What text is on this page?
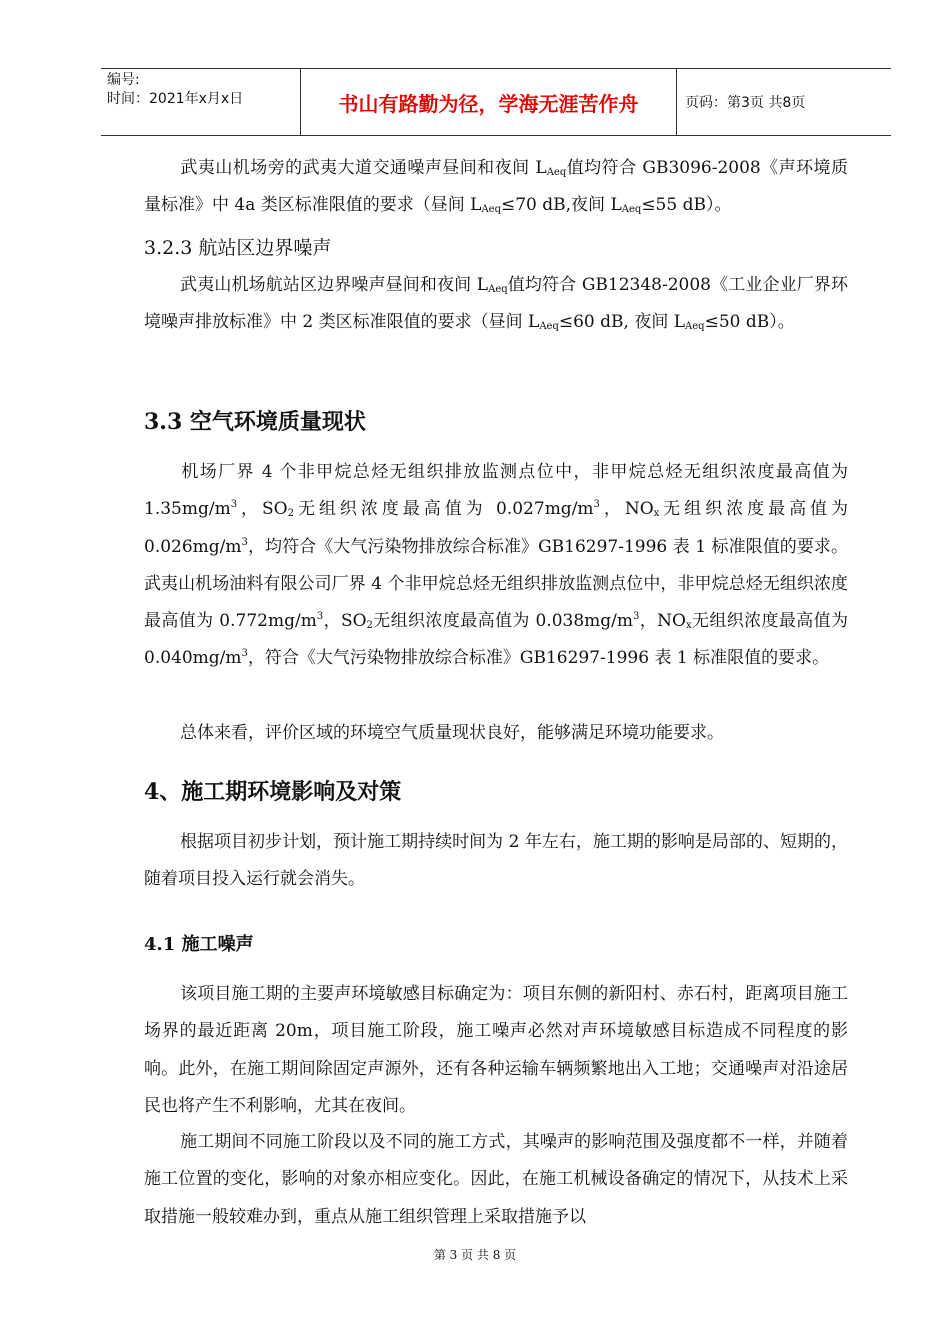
编号:
时间：2021年x月x日	书山有路勤为径，学海无涯苦作舟	页码：第3页 共8页
武夷山机场旁的武夷大道交通噪声昼间和夜间 $L_{Aeq}$值均符合 GB3096-2008《声环境质量标准》中 4a 类区标准限值的要求（昼间 $L_{Aeq}\le 70$ dB,夜间 $L_{Aeq}\le 55$ dB）。
3.2.3 航站区边界噪声
武夷山机场航站区边界噪声昼间和夜间 $L_{Aeq}$值均符合 GB12348-2008《工业企业厂界环境噪声排放标准》中 2 类区标准限值的要求（昼间 $L_{Aeq}\le 60$ dB, 夜间 $L_{Aeq}\le 50$ dB）。
3.3 空气环境质量现状
机场厂界 4 个非甲烷总烃无组织排放监测点位中，非甲烷总烃无组织浓度最高值为 $1.35mg/m^3$，$SO_2$无组织浓度最高值为 $0.027mg/m^3$，$NO_x$无组织浓度最高值为 $0.026mg/m^3$，均符合《大气污染物排放综合标准》GB16297-1996 表 1 标准限值的要求。武夷山机场油料有限公司厂界 4 个非甲烷总烃无组织排放监测点位中，非甲烷总烃无组织浓度最高值为 $0.772mg/m^3$，$SO_2$无组织浓度最高值为 $0.038mg/m^3$，$NO_x$无组织浓度最高值为 $0.040mg/m^3$，符合《大气污染物排放综合标准》GB16297-1996 表 1 标准限值的要求。
总体来看，评价区域的环境空气质量现状良好，能够满足环境功能要求。
4、施工期环境影响及对策
根据项目初步计划，预计施工期持续时间为 2 年左右，施工期的影响是局部的、短期的，随着项目投入运行就会消失。
4.1 施工噪声
该项目施工期的主要声环境敏感目标确定为：项目东侧的新阳村、赤石村，距离项目施工场界的最近距离 20m，项目施工阶段，施工噪声必然对声环境敏感目标造成不同程度的影响。此外，在施工期间除固定声源外，还有各种运输车辆频繁地出入工地；交通噪声对沿途居民也将产生不利影响，尤其在夜间。
施工期间不同施工阶段以及不同的施工方式，其噪声的影响范围及强度都不一样，并随着施工位置的变化，影响的对象亦相应变化。因此，在施工机械设备确定的情况下，从技术上采取措施一般较难办到，重点从施工组织管理上采取措施予以
第 3 页 共 8 页
